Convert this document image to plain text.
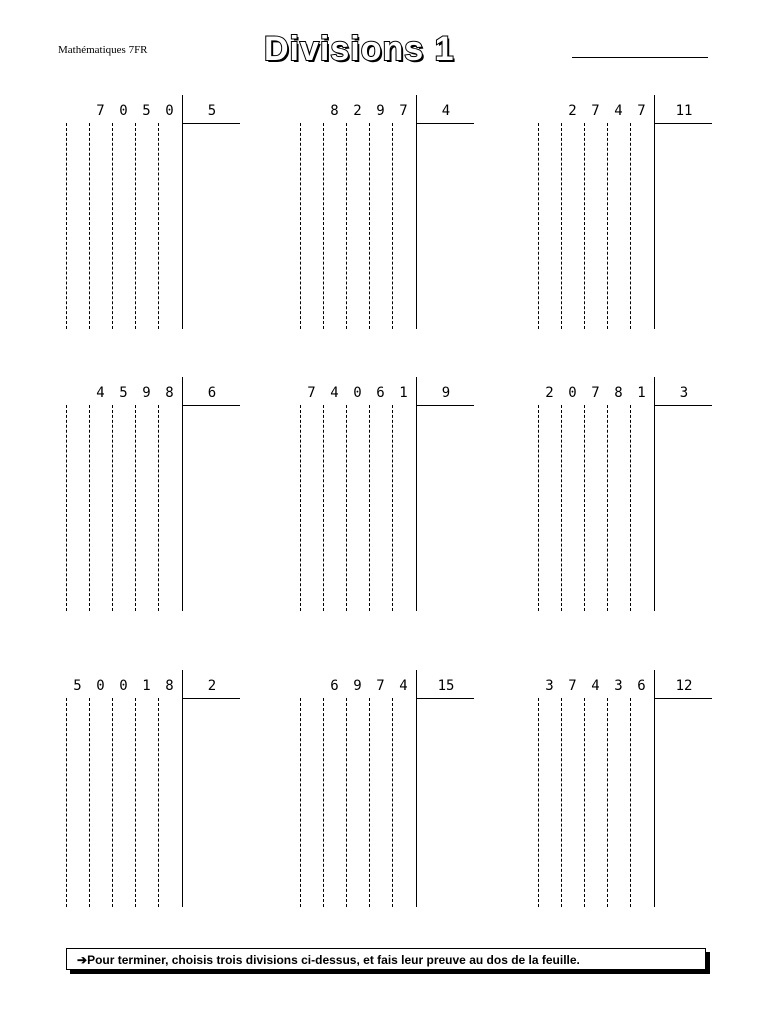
Mathématiques 7FR	Divisions 1
7	0	5	0	5	8	2	9	7	4	2	7	4	7	11
4	5	9	8	6	7	4	0	6	1	9	2	0	7	8	1	3
5	0	0	1	8	2	6	9	7	4	15	3	7	4	3	6	12
➔Pour terminer, choisis trois divisions ci-dessus, et fais leur preuve au dos de la feuille.
